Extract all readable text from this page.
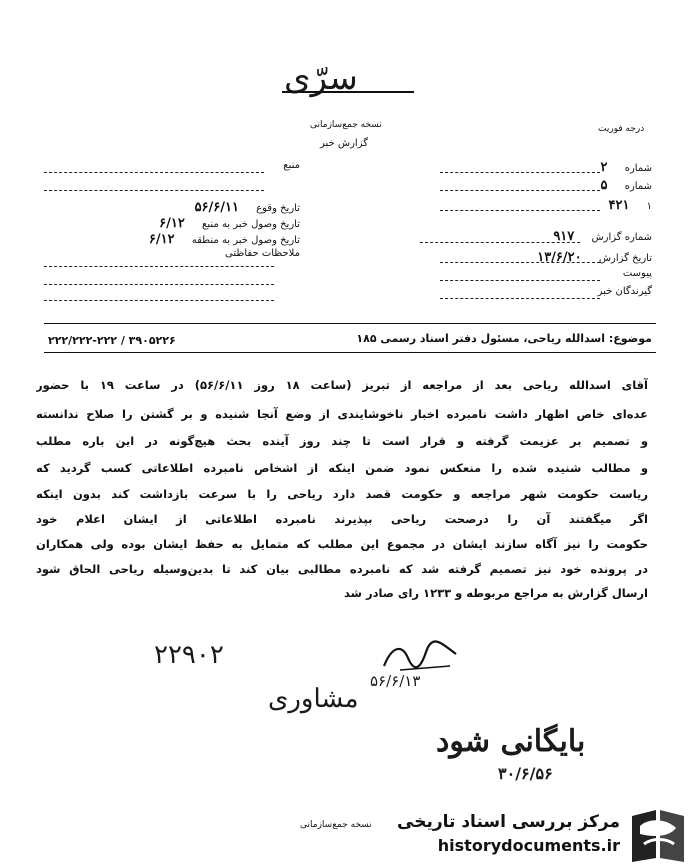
سرّی
درجه فوریت
نسخه جمع‌سازمانی
گزارش خبر
شماره ۲
شماره ۵
۱ ۴۲۱
شماره گزارش ۹۱۷
تاریخ گزارش ۱۳/۶/۲۰
پیوست
گیرندگان خبر
منبع

تاریخ وقوع ۵۶/۶/۱۱
تاریخ وصول خبر به منبع ۶/۱۲
تاریخ وصول خبر به منطقه ۶/۱۲
ملاحظات حفاظتی
موضوع: اسدالله ریاحی، مسئول دفتر اسناد رسمی ۱۸۵
۲۲۲/۲۲۲-۲۲۲ / ۳۹۰۵۲۲۶
آقای اسدالله ریاحی بعد از مراجعه از تبریز (ساعت ۱۸ روز ۵۶/۶/۱۱) در ساعت ۱۹ با حضور
عده‌ای خاص اظهار داشت نامبرده اخبار ناخوشایندی از وضع آنجا شنیده و بر گشتن را صلاح ندانسته
و تصمیم بر عزیمت گرفته و قرار است تا چند روز آینده بحث هیچ‌گونه در این باره مطلب
و مطالب شنیده شده را منعکس نمود ضمن اینکه از اشخاص نامبرده اطلاعاتی کسب گردید که
ریاست حکومت شهر مراجعه و حکومت قصد دارد ریاحی را با سرعت بازداشت کند بدون اینکه
اگر میگفتند آن را درصحت ریاحی بپذیرند نامبرده اطلاعاتی از ایشان اعلام خود
حکومت را نیز آگاه سازند ایشان در مجموع این مطلب که متمایل به حفظ ایشان بوده ولی همکاران
در پرونده خود نیز تصمیم گرفته شد که نامبرده مطالبی بیان کند تا بدین‌وسیله ریاحی الحاق شود
ارسال گزارش به مراجع مربوطه و ۱۲۳۳ رای صادر شد
۲۲۹۰۲
۵۶/۶/۱۳
مشاوری
بایگانی شود
۳۰/۶/۵۶
نسخه جمع‌سازمانی مرکز بررسی اسناد تاریخی
historydocuments.ir
